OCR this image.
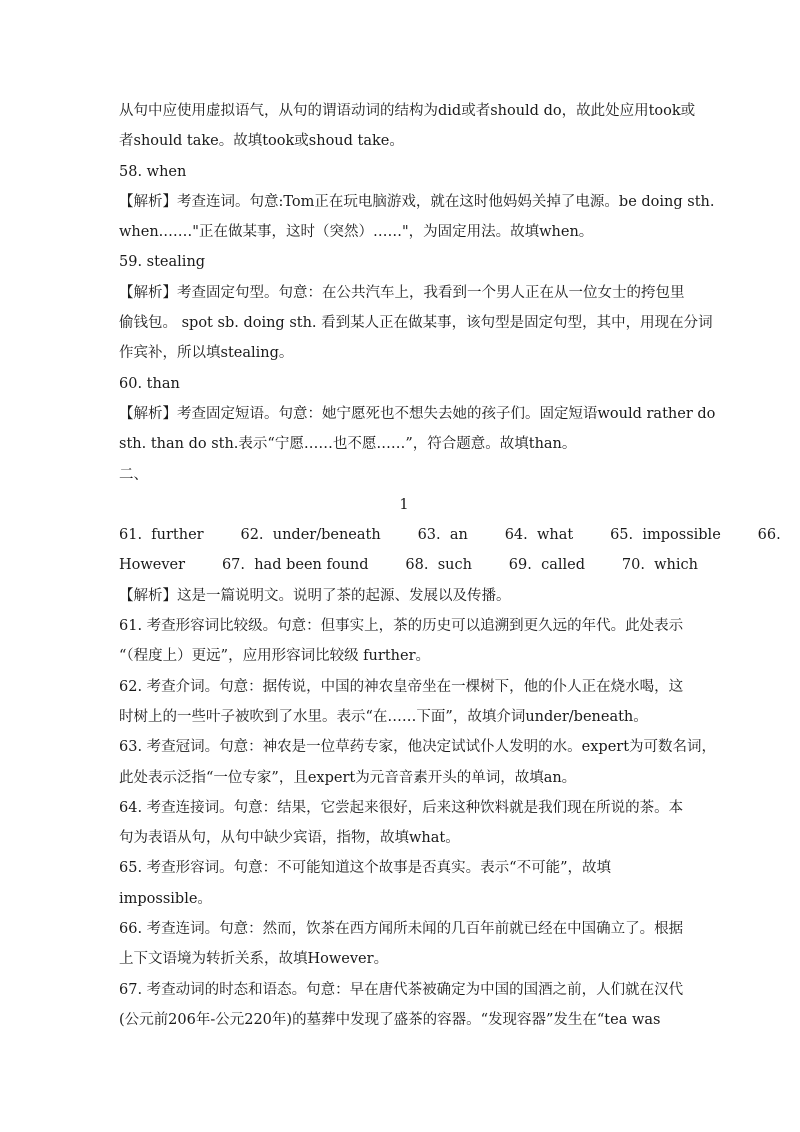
从句中应使用虚拟语气，从句的谓语动词的结构为did或者should do，故此处应用took或
者should take。故填took或shoud take。
58. when
【解析】考查连词。句意:Tom正在玩电脑游戏，就在这时他妈妈关掉了电源。be doing sth.
when.……"正在做某事，这时（突然）……"，为固定用法。故填when。
59. stealing
【解析】考查固定句型。句意：在公共汽车上，我看到一个男人正在从一位女士的挎包里
偷钱包。 spot sb. doing sth. 看到某人正在做某事，该句型是固定句型，其中，用现在分词
作宾补，所以填stealing。
60. than
【解析】考查固定短语。句意：她宁愿死也不想失去她的孩子们。固定短语would rather do
sth. than do sth.表示“宁愿……也不愿……”，符合题意。故填than。
二、
1
61.  further        62.  under/beneath        63.  an        64.  what        65.  impossible        66.
However        67.  had been found        68.  such        69.  called        70.  which
【解析】这是一篇说明文。说明了茶的起源、发展以及传播。
61. 考查形容词比较级。句意：但事实上，茶的历史可以追溯到更久远的年代。此处表示
“（程度上）更远”，应用形容词比较级 further。
62. 考查介词。句意：据传说，中国的神农皇帝坐在一棵树下，他的仆人正在烧水喝，这
时树上的一些叶子被吹到了水里。表示“在……下面”，故填介词under/beneath。
63. 考查冠词。句意：神农是一位草药专家，他决定试试仆人发明的水。expert为可数名词，
此处表示泛指“一位专家”，且expert为元音音素开头的单词，故填an。
64. 考查连接词。句意：结果，它尝起来很好，后来这种饮料就是我们现在所说的茶。本
句为表语从句，从句中缺少宾语，指物，故填what。
65. 考查形容词。句意：不可能知道这个故事是否真实。表示“不可能”，故填
impossible。
66. 考查连词。句意：然而，饮茶在西方闻所未闻的几百年前就已经在中国确立了。根据
上下文语境为转折关系，故填However。
67. 考查动词的时态和语态。句意：早在唐代茶被确定为中国的国酒之前，人们就在汉代
(公元前206年-公元220年)的墓葬中发现了盛茶的容器。“发现容器”发生在“tea was
